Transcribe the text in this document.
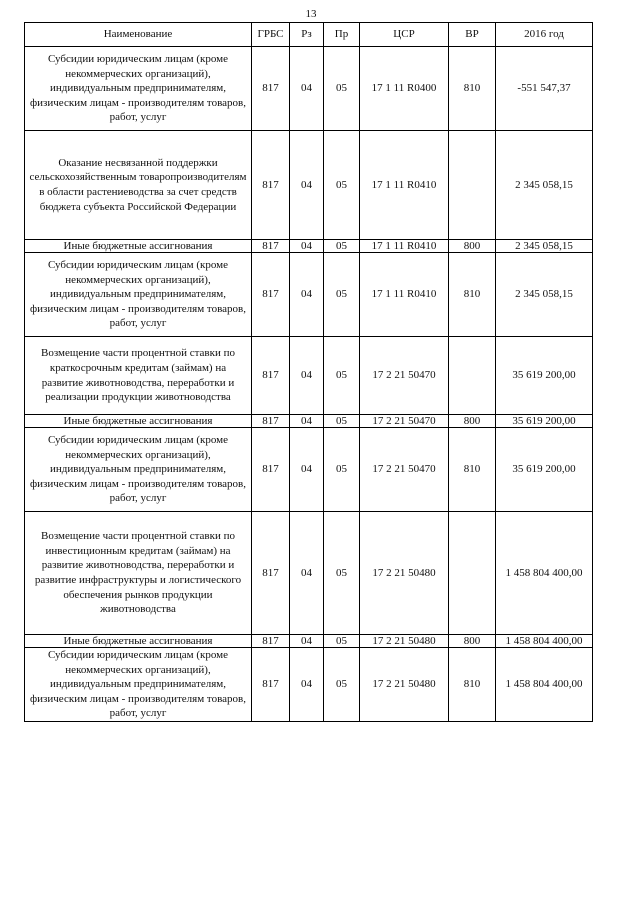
13
Наименование	ГРБС	Рз	Пр	ЦСР	ВР	2016 год
Субсидии юридическим лицам (кроме некоммерческих организаций), индивидуальным предпринимателям, физическим лицам - производителям товаров, работ, услуг	817	04	05	17 1 11 R0400	810	-551 547,37
Оказание несвязанной поддержки сельскохозяйственным товаропроизводителям в области растениеводства за счет средств бюджета субъекта Российской Федерации	817	04	05	17 1 11 R0410		2 345 058,15
Иные бюджетные ассигнования	817	04	05	17 1 11 R0410	800	2 345 058,15
Субсидии юридическим лицам (кроме некоммерческих организаций), индивидуальным предпринимателям, физическим лицам - производителям товаров, работ, услуг	817	04	05	17 1 11 R0410	810	2 345 058,15
Возмещение части процентной ставки по краткосрочным кредитам (займам) на развитие животноводства, переработки и реализации продукции животноводства	817	04	05	17 2 21 50470		35 619 200,00
Иные бюджетные ассигнования	817	04	05	17 2 21 50470	800	35 619 200,00
Субсидии юридическим лицам (кроме некоммерческих организаций), индивидуальным предпринимателям, физическим лицам - производителям товаров, работ, услуг	817	04	05	17 2 21 50470	810	35 619 200,00
Возмещение части процентной ставки по инвестиционным кредитам (займам) на развитие животноводства, переработки и развитие инфраструктуры и логистического обеспечения рынков продукции животноводства	817	04	05	17 2 21 50480		1 458 804 400,00
Иные бюджетные ассигнования	817	04	05	17 2 21 50480	800	1 458 804 400,00
Субсидии юридическим лицам (кроме некоммерческих организаций), индивидуальным предпринимателям, физическим лицам - производителям товаров, работ, услуг	817	04	05	17 2 21 50480	810	1 458 804 400,00
